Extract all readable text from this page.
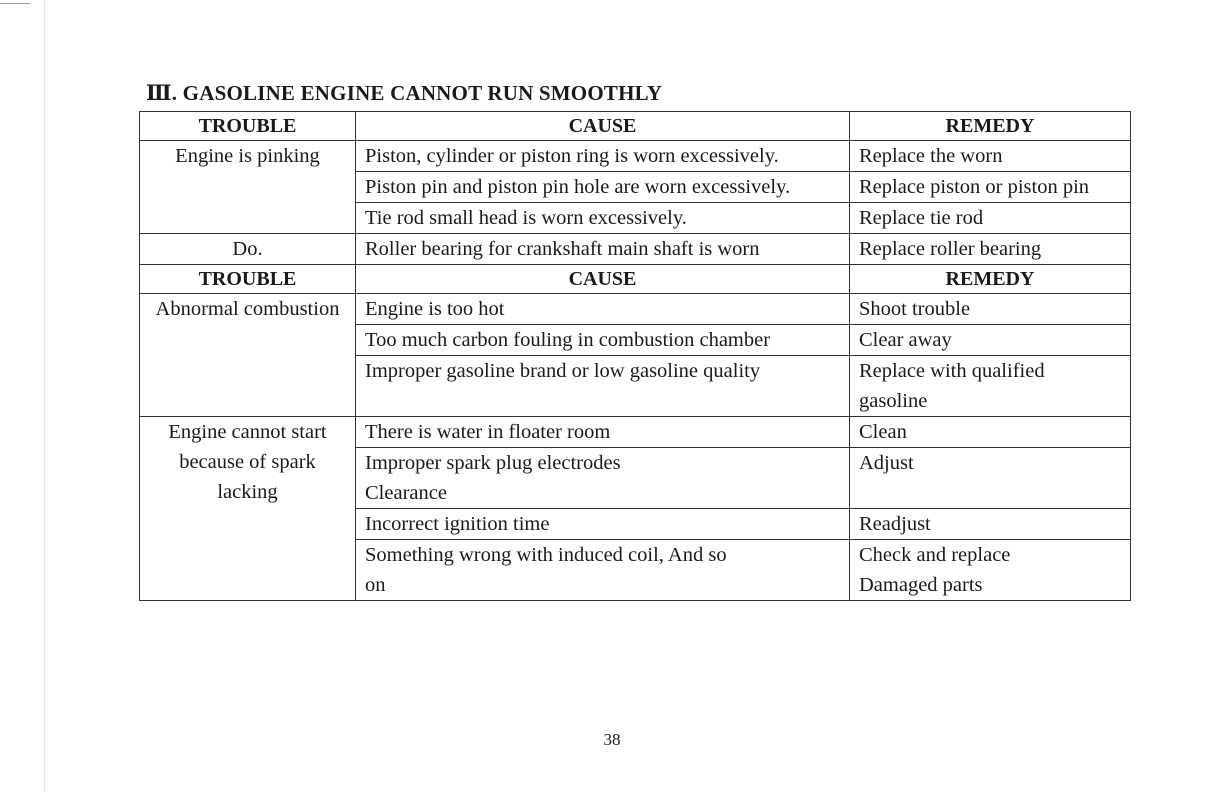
Ⅲ. GASOLINE ENGINE CANNOT RUN SMOOTHLY
TROUBLE	CAUSE	REMEDY
Engine is pinking	Piston, cylinder or piston ring is worn excessively.	Replace the worn
	Piston pin and piston pin hole are worn excessively.	Replace piston or piston pin
	Tie rod small head is worn excessively.	Replace tie rod
Do.	Roller bearing for crankshaft main shaft is worn	Replace roller bearing
TROUBLE	CAUSE	REMEDY
Abnormal combustion	Engine is too hot	Shoot trouble
	Too much carbon fouling in combustion chamber	Clear away
	Improper gasoline brand or low gasoline quality	Replace with qualified gasoline
Engine cannot start because of spark lacking	There is water in floater room	Clean
	Improper spark plug electrodes Clearance	Adjust
	Incorrect ignition time	Readjust
	Something wrong with induced coil, And so on	Check and replace Damaged parts
38
